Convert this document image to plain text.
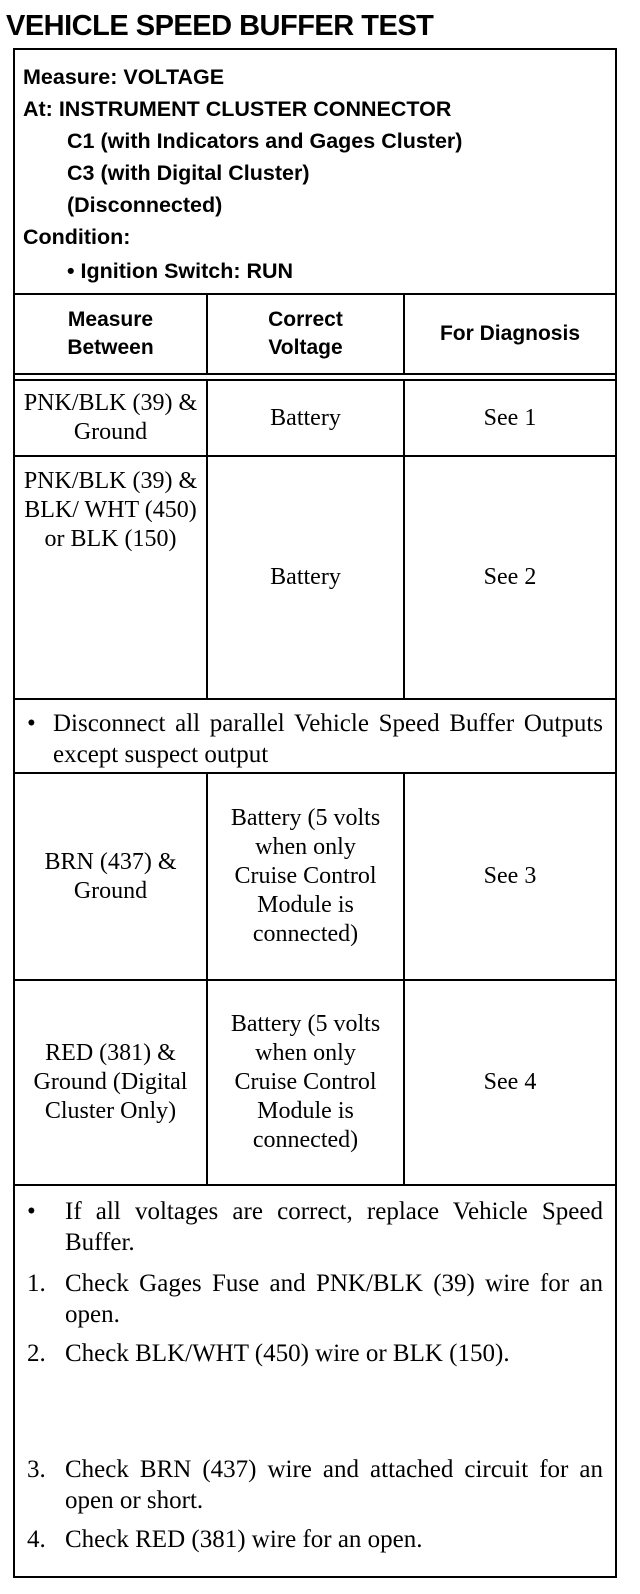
VEHICLE SPEED BUFFER TEST
Measure: VOLTAGE
At: INSTRUMENT CLUSTER CONNECTOR
C1 (with Indicators and Gages Cluster)
C3 (with Digital Cluster)
(Disconnected)
Condition:
• Ignition Switch: RUN
Measure Between
Correct Voltage
For Diagnosis
PNK/BLK (39) & Ground
Battery	See 1
PNK/BLK (39) & BLK/ WHT (450) or BLK (150)
Battery	See 2
• Disconnect all parallel Vehicle Speed Buffer Outputs except suspect output
BRN (437) & Ground
Battery (5 volts when only Cruise Control Module is connected)
See 3
RED (381) & Ground (Digital Cluster Only)
Battery (5 volts when only Cruise Control Module is connected)
See 4
• If all voltages are correct, replace Vehicle Speed Buffer.
1. Check Gages Fuse and PNK/BLK (39) wire for an open.
2. Check BLK/WHT (450) wire or BLK (150).
3. Check BRN (437) wire and attached circuit for an open or short.
4. Check RED (381) wire for an open.
